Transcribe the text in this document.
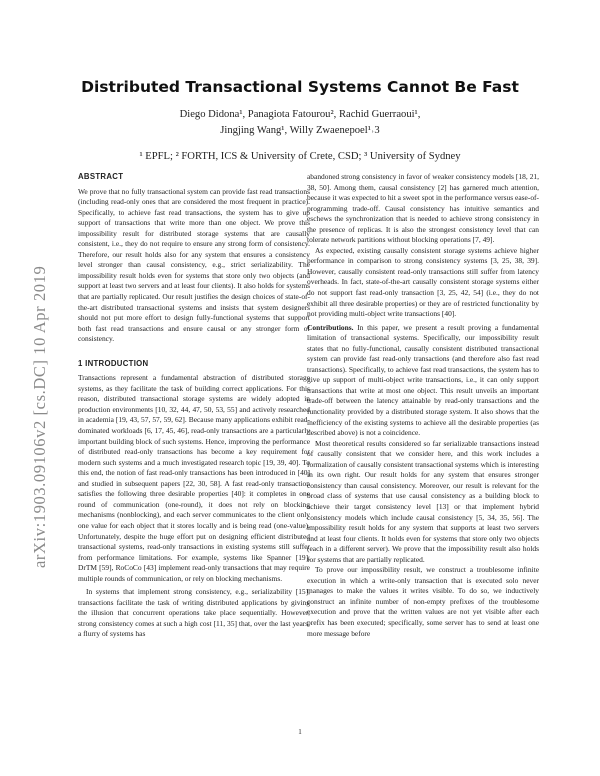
arXiv:1903.09106v2 [cs.DC] 10 Apr 2019
Distributed Transactional Systems Cannot Be Fast
Diego Didona¹, Panagiota Fatourou², Rachid Guerraoui¹,
Jingjing Wang¹, Willy Zwaenepoel¹˒3
¹ EPFL; ² FORTH, ICS & University of Crete, CSD; ³ University of Sydney
ABSTRACT

We prove that no fully transactional system can provide fast read transactions (including read-only ones that are considered the most frequent in practice). Specifically, to achieve fast read transactions, the system has to give up support of transactions that write more than one object. We prove this impossibility result for distributed storage systems that are causally consistent, i.e., they do not require to ensure any strong form of consistency. Therefore, our result holds also for any system that ensures a consistency level stronger than causal consistency, e.g., strict serializability. The impossibility result holds even for systems that store only two objects (and support at least two servers and at least four clients). It also holds for systems that are partially replicated. Our result justifies the design choices of state-of-the-art distributed transactional systems and insists that system designers should not put more effort to design fully-functional systems that support both fast read transactions and ensure causal or any stronger form of consistency.

1 INTRODUCTION

Transactions represent a fundamental abstraction of distributed storage systems, as they facilitate the task of building correct applications. For this reason, distributed transactional storage systems are widely adopted in production environments [10, 32, 44, 47, 50, 53, 55] and actively researched in academia [19, 43, 57, 57, 59, 62]. Because many applications exhibit read-dominated workloads [6, 17, 45, 46], read-only transactions are a particularly important building block of such systems. Hence, improving the performance of distributed read-only transactions has become a key requirement for modern such systems and a much investigated research topic [19, 39, 40]. To this end, the notion of fast read-only transactions has been introduced in [40] and studied in subsequent papers [22, 30, 58]. A fast read-only transaction satisfies the following three desirable properties [40]: it completes in one round of communication (one-round), it does not rely on blocking mechanisms (nonblocking), and each server communicates to the client only one value for each object that it stores locally and is being read (one-value). Unfortunately, despite the huge effort put on designing efficient distributed transactional systems, read-only transactions in existing systems still suffer from performance limitations. For example, systems like Spanner [19], DrTM [59], RoCoCo [43] implement read-only transactions that may require multiple rounds of communication, or rely on blocking mechanisms.

In systems that implement strong consistency, e.g., serializability [15], transactions facilitate the task of writing distributed applications by giving the illusion that concurrent operations take place sequentially. However, strong consistency comes at such a high cost [11, 35] that, over the last years, a flurry of systems has

abandoned strong consistency in favor of weaker consistency models [18, 21, 38, 50]. Among them, causal consistency [2] has garnered much attention, because it was expected to hit a sweet spot in the performance versus ease-of-programming trade-off. Causal consistency has intuitive semantics and eschews the synchronization that is needed to achieve strong consistency in the presence of replicas. It is also the strongest consistency level that can tolerate network partitions without blocking operations [7, 49].

As expected, existing causally consistent storage systems achieve higher performance in comparison to strong consistency systems [3, 25, 38, 39]. However, causally consistent read-only transactions still suffer from latency overheads. In fact, state-of-the-art causally consistent storage systems either do not support fast read-only transaction [3, 25, 42, 54] (i.e., they do not exhibit all three desirable properties) or they are of restricted functionality by not providing multi-object write transactions [40].

Contributions. In this paper, we present a result proving a fundamental limitation of transactional systems. Specifically, our impossibility result states that no fully-functional, causally consistent distributed transactional system can provide fast read-only transactions (and therefore also fast read transactions). Specifically, to achieve fast read transactions, the system has to give up support of multi-object write transactions, i.e., it can only support transactions that write at most one object. This result unveils an important trade-off between the latency attainable by read-only transactions and the functionality provided by a distributed storage system. It also shows that the inefficiency of the existing systems to achieve all the desirable properties (as described above) is not a coincidence.

Most theoretical results considered so far serializable transactions instead of causally consistent that we consider here, and this work includes a formalization of causally consistent transactional systems which is interesting in its own right. Our result holds for any system that ensures stronger consistency than causal consistency. Moreover, our result is relevant for the broad class of systems that use causal consistency as a building block to achieve their target consistency level [13] or that implement hybrid consistency models which include causal consistency [5, 34, 35, 56]. The impossibility result holds for any system that supports at least two servers and at least four clients. It holds even for systems that store only two objects (each in a different server). We prove that the impossibility result also holds for systems that are partially replicated.

To prove our impossibility result, we construct a troublesome infinite execution in which a write-only transaction that is executed solo never manages to make the values it writes visible. To do so, we inductively construct an infinite number of non-empty prefixes of the troublesome execution and prove that the written values are not yet visible after each prefix has been executed; specifically, some server has to send at least one more message before

1
